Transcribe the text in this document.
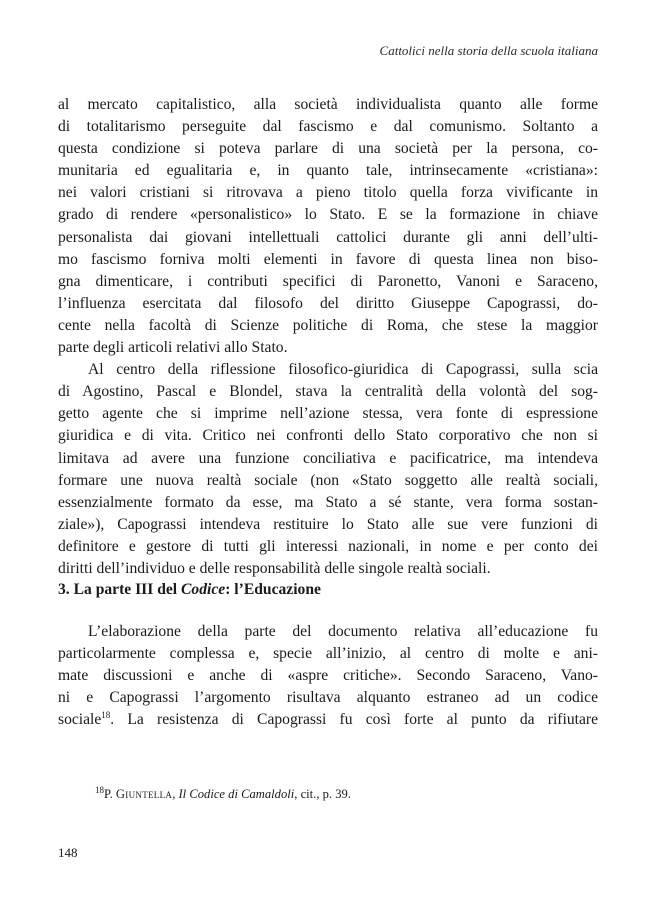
Cattolici nella storia della scuola italiana
al mercato capitalistico, alla società individualista quanto alle forme
di totalitarismo perseguite dal fascismo e dal comunismo. Soltanto a
questa condizione si poteva parlare di una società per la persona, co-
munitaria ed egualitaria e, in quanto tale, intrinsecamente «cristiana»:
nei valori cristiani si ritrovava a pieno titolo quella forza vivificante in
grado di rendere «personalistico» lo Stato. E se la formazione in chiave
personalista dai giovani intellettuali cattolici durante gli anni dell’ulti-
mo fascismo forniva molti elementi in favore di questa linea non biso-
gna dimenticare, i contributi specifici di Paronetto, Vanoni e Saraceno,
l’influenza esercitata dal filosofo del diritto Giuseppe Capograssi, do-
cente nella facoltà di Scienze politiche di Roma, che stese la maggior
parte degli articoli relativi allo Stato.
Al centro della riflessione filosofico-giuridica di Capograssi, sulla scia
di Agostino, Pascal e Blondel, stava la centralità della volontà del sog-
getto agente che si imprime nell’azione stessa, vera fonte di espressione
giuridica e di vita. Critico nei confronti dello Stato corporativo che non si
limitava ad avere una funzione conciliativa e pacificatrice, ma intendeva
formare une nuova realtà sociale (non «Stato soggetto alle realtà sociali,
essenzialmente formato da esse, ma Stato a sé stante, vera forma sostan-
ziale»), Capograssi intendeva restituire lo Stato alle sue vere funzioni di
definitore e gestore di tutti gli interessi nazionali, in nome e per conto dei
diritti dell’individuo e delle responsabilità delle singole realtà sociali.
3. La parte III del Codice: l’Educazione
L’elaborazione della parte del documento relativa all’educazione fu
particolarmente complessa e, specie all’inizio, al centro di molte e ani-
mate discussioni e anche di «aspre critiche». Secondo Saraceno, Vano-
ni e Capograssi l’argomento risultava alquanto estraneo ad un codice
sociale$^{18}$. La resistenza di Capograssi fu così forte al punto da rifiutare
$^{18}$P. Giuntella, Il Codice di Camaldoli, cit., p. 39.
148
